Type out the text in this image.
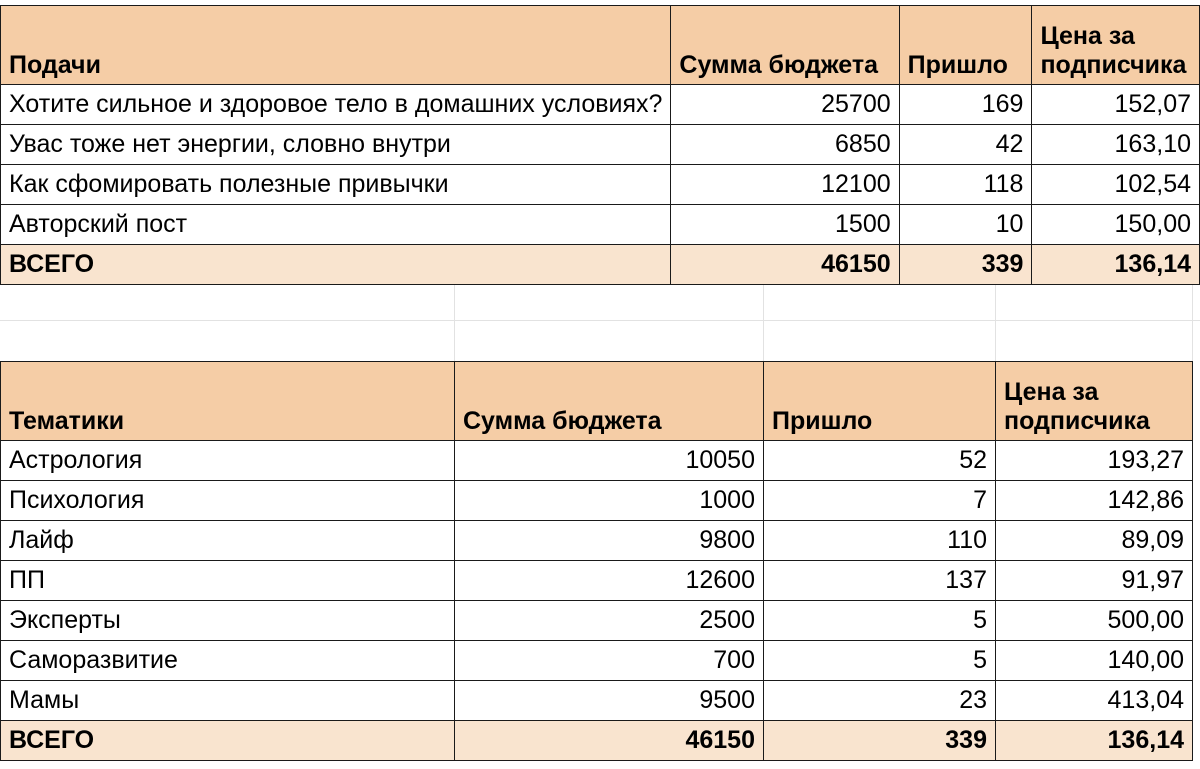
Подачи	Сумма бюджета	Пришло	Цена за подписчика
Хотите сильное и здоровое тело в домашних условиях?	25700	169	152,07
Увас тоже нет энергии, словно внутри	6850	42	163,10
Как сфомировать полезные привычки	12100	118	102,54
Авторский пост	1500	10	150,00
ВСЕГО	46150	339	136,14
Тематики	Сумма бюджета	Пришло	Цена за подписчика
Астрология	10050	52	193,27
Психология	1000	7	142,86
Лайф	9800	110	89,09
ПП	12600	137	91,97
Эксперты	2500	5	500,00
Саморазвитие	700	5	140,00
Мамы	9500	23	413,04
ВСЕГО	46150	339	136,14
